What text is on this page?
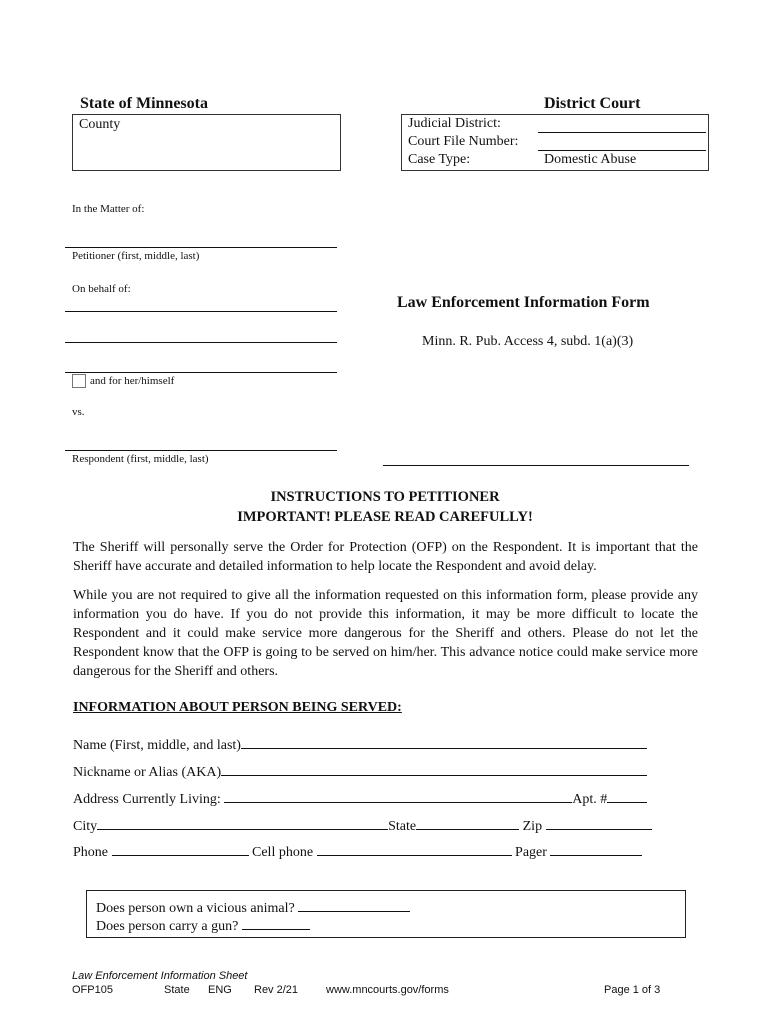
State of Minnesota	District Court
County	Judicial District:
Court File Number:
Case Type:	Domestic Abuse
In the Matter of:
Petitioner (first, middle, last)
On behalf of:
and for her/himself
vs.
Respondent (first, middle, last)
Law Enforcement Information Form
Minn. R. Pub. Access 4, subd. 1(a)(3)
INSTRUCTIONS TO PETITIONER
IMPORTANT! PLEASE READ CAREFULLY!
The Sheriff will personally serve the Order for Protection (OFP) on the Respondent. It is important that the Sheriff have accurate and detailed information to help locate the Respondent and avoid delay.
While you are not required to give all the information requested on this information form, please provide any information you do have. If you do not provide this information, it may be more difficult to locate the Respondent and it could make service more dangerous for the Sheriff and others. Please do not let the Respondent know that the OFP is going to be served on him/her. This advance notice could make service more dangerous for the Sheriff and others.
INFORMATION ABOUT PERSON BEING SERVED:
Name (First, middle, and last)
Nickname or Alias (AKA)
Address Currently Living:	Apt. #
City	State	Zip
Phone	Cell phone	Pager
Does person own a vicious animal?
Does person carry a gun?
Law Enforcement Information Sheet
OFP105	State ENG Rev 2/21	www.mncourts.gov/forms	Page 1 of 3
